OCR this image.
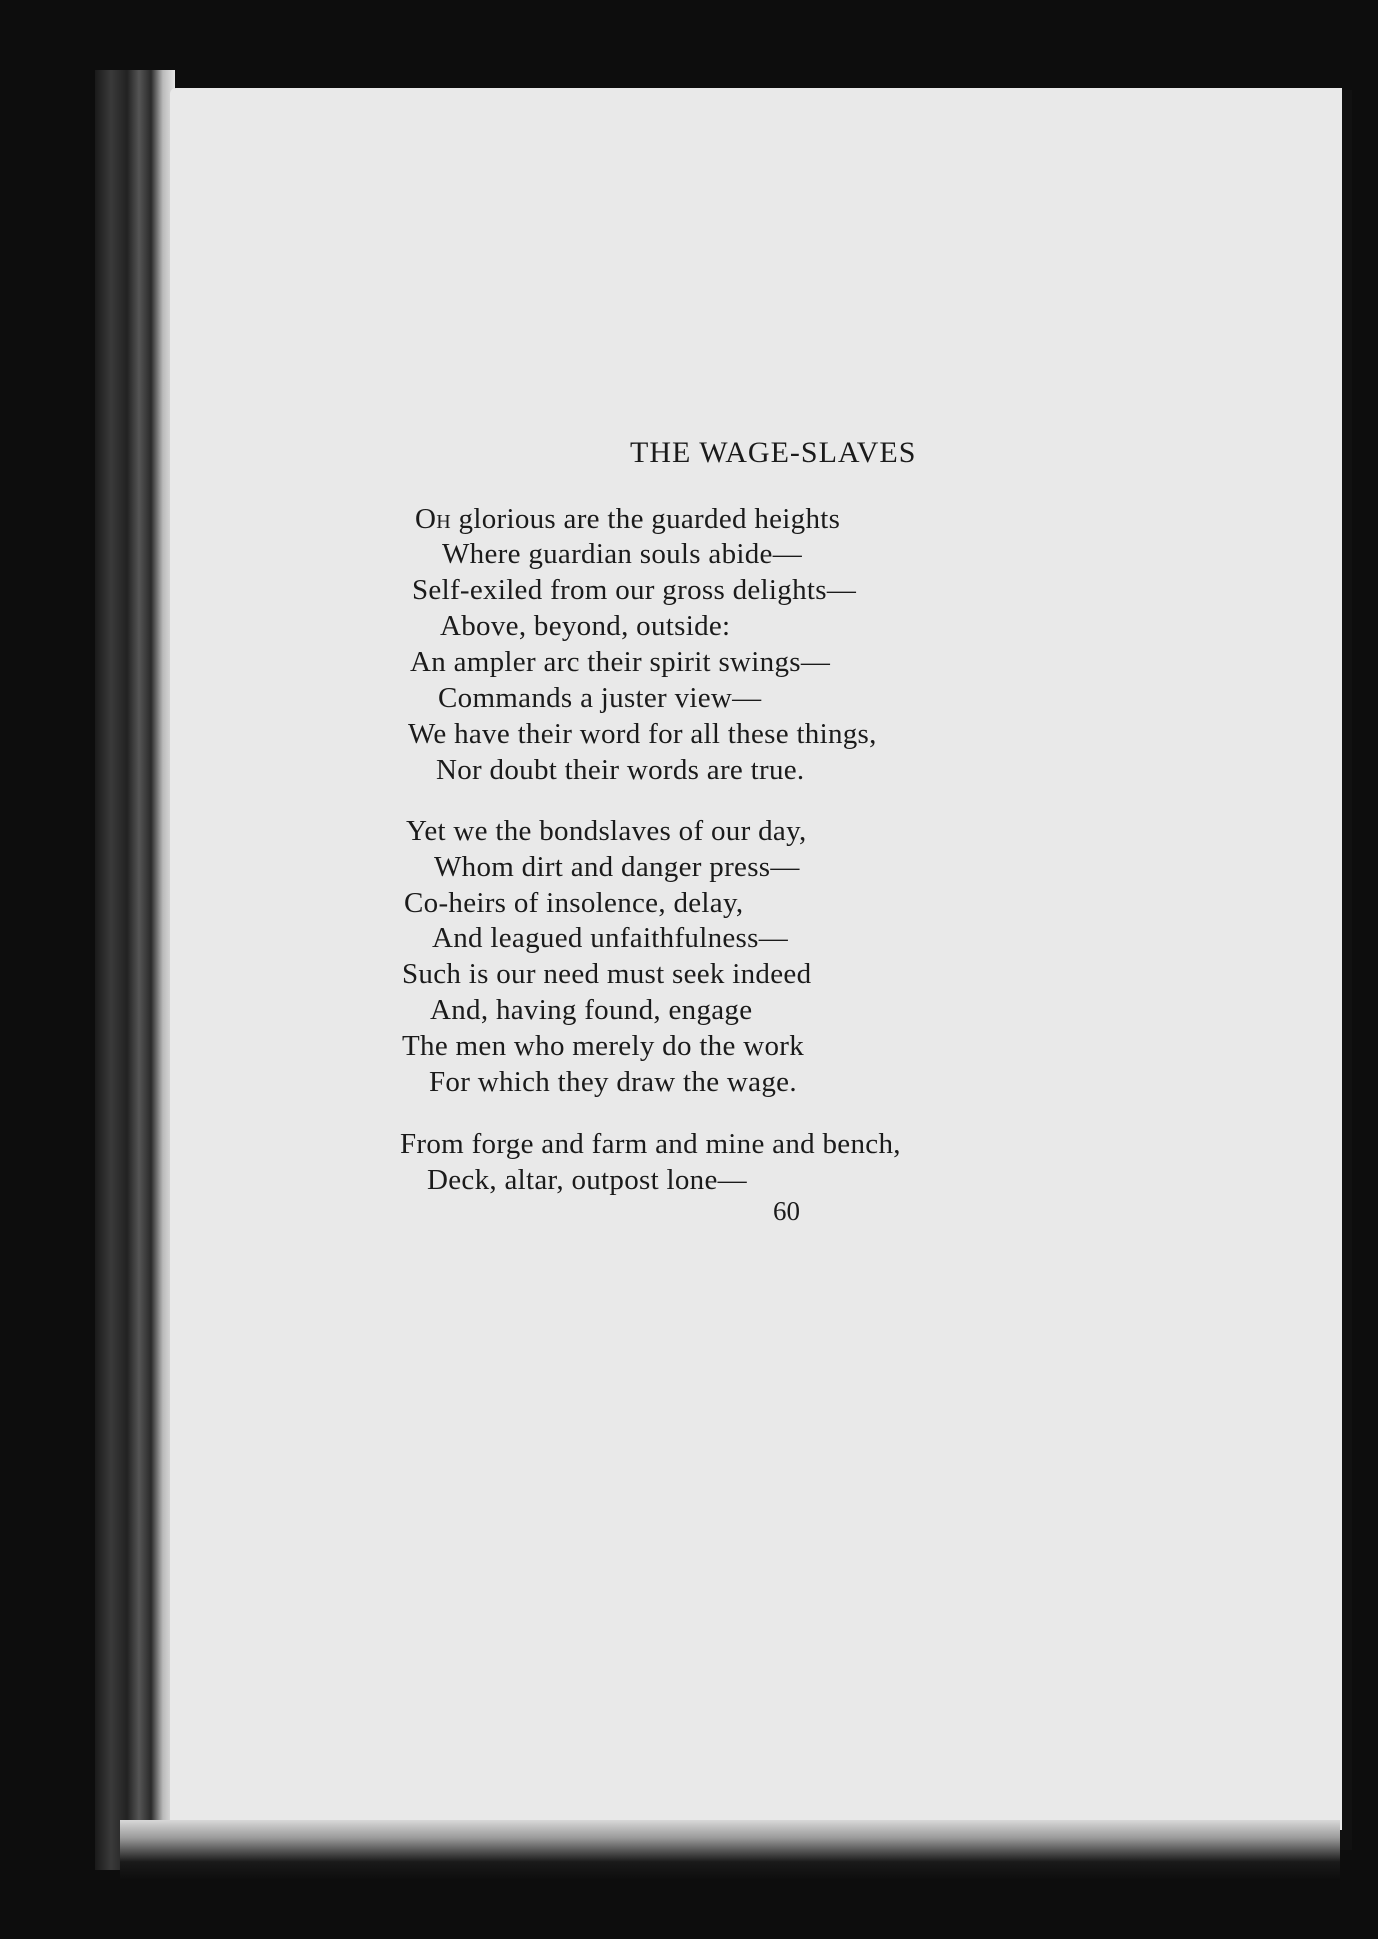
THE WAGE-SLAVES
Oh glorious are the guarded heights
Where guardian souls abide—
Self-exiled from our gross delights—
Above, beyond, outside:
An ampler arc their spirit swings—
Commands a juster view—
We have their word for all these things,
Nor doubt their words are true.
Yet we the bondslaves of our day,
Whom dirt and danger press—
Co-heirs of insolence, delay,
And leagued unfaithfulness—
Such is our need must seek indeed
And, having found, engage
The men who merely do the work
For which they draw the wage.
From forge and farm and mine and bench,
Deck, altar, outpost lone—
60
